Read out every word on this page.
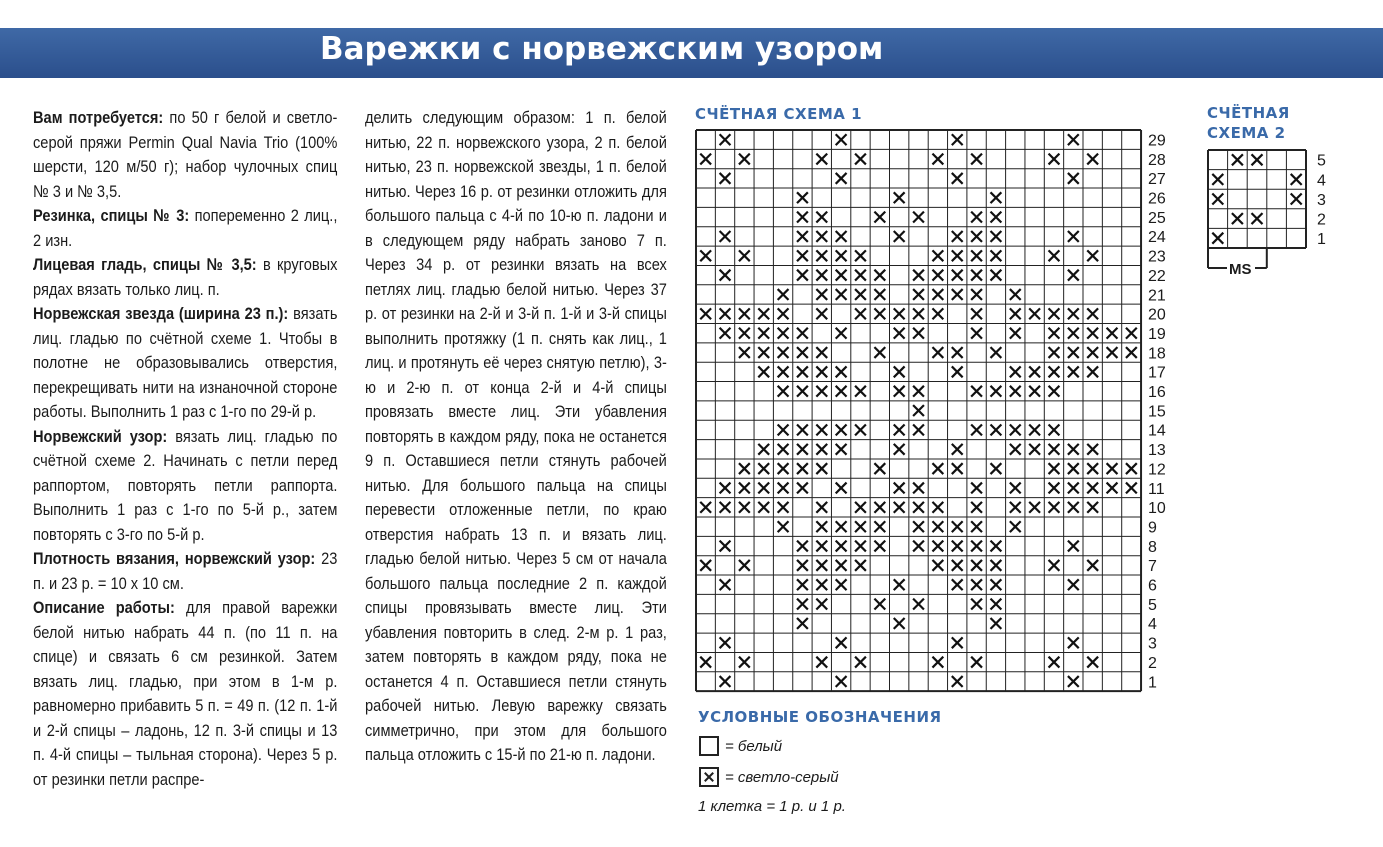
Варежки с норвежским узором

Вам потребуется: по 50 г белой и светло-серой пряжи Permin Qual Navia Trio (100% шерсти, 120 м/50 г); набор чулочных спиц № 3 и № 3,5.

Резинка, спицы № 3: попеременно 2 лиц., 2 изн.

Лицевая гладь, спицы № 3,5: в круговых рядах вязать только лиц. п.

Норвежская звезда (ширина 23 п.): вязать лиц. гладью по счётной схеме 1. Чтобы в полотне не образовывались отверстия, перекрещивать нити на изнаночной стороне работы. Выполнить 1 раз с 1-го по 29-й р.

Норвежский узор: вязать лиц. гладью по счётной схеме 2. Начинать с петли перед раппортом, повторять петли раппорта. Выполнить 1 раз с 1-го по 5-й р., затем повторять с 3-го по 5-й р.

Плотность вязания, норвежский узор: 23 п. и 23 р. = 10 х 10 см.

Описание работы: для правой варежки белой нитью набрать 44 п. (по 11 п. на спице) и связать 6 см резинкой. Затем вязать лиц. гладью, при этом в 1-м р. равномерно прибавить 5 п. = 49 п. (12 п. 1-й и 2-й спицы – ладонь, 12 п. 3-й спицы и 13 п. 4-й спицы – тыльная сторона). Через 5 р. от резинки петли распре-

делить следующим образом: 1 п. белой нитью, 22 п. норвежского узора, 2 п. белой нитью, 23 п. норвежской звезды, 1 п. белой нитью. Через 16 р. от резинки отложить для большого пальца с 4-й по 10-ю п. ладони и в следующем ряду набрать заново 7 п. Через 34 р. от резинки вязать на всех петлях лиц. гладью белой нитью. Через 37 р. от резинки на 2-й и 3-й п. 1-й и 3-й спицы выполнить протяжку (1 п. снять как лиц., 1 лиц. и протянуть её через снятую петлю), 3-ю и 2-ю п. от конца 2-й и 4-й спицы провязать вместе лиц. Эти убавления повторять в каждом ряду, пока не останется 9 п. Оставшиеся петли стянуть рабочей нитью. Для большого пальца на спицы перевести отложенные петли, по краю отверстия набрать 13 п. и вязать лиц. гладью белой нитью. Через 5 см от начала большого пальца последние 2 п. каждой спицы провязывать вместе лиц. Эти убавления повторить в след. 2-м р. 1 раз, затем повторять в каждом ряду, пока не останется 4 п. Оставшиеся петли стянуть рабочей нитью. Левую варежку связать симметрично, при этом для большого пальца отложить с 15-й по 21-ю п. ладони.

СЧЁТНАЯ СХЕМА 1
29
28
27
26
25
24
23
22
21
20
19
18
17
16
15
14
13
12
11
10
9
8
7
6
5
4
3
2
1
СЧЁТНАЯ
СХЕМА 2
5
4
3
2
1
MS
УСЛОВНЫЕ ОБОЗНАЧЕНИЯ
= белый
= светло-серый
1 клетка = 1 р. и 1 р.
